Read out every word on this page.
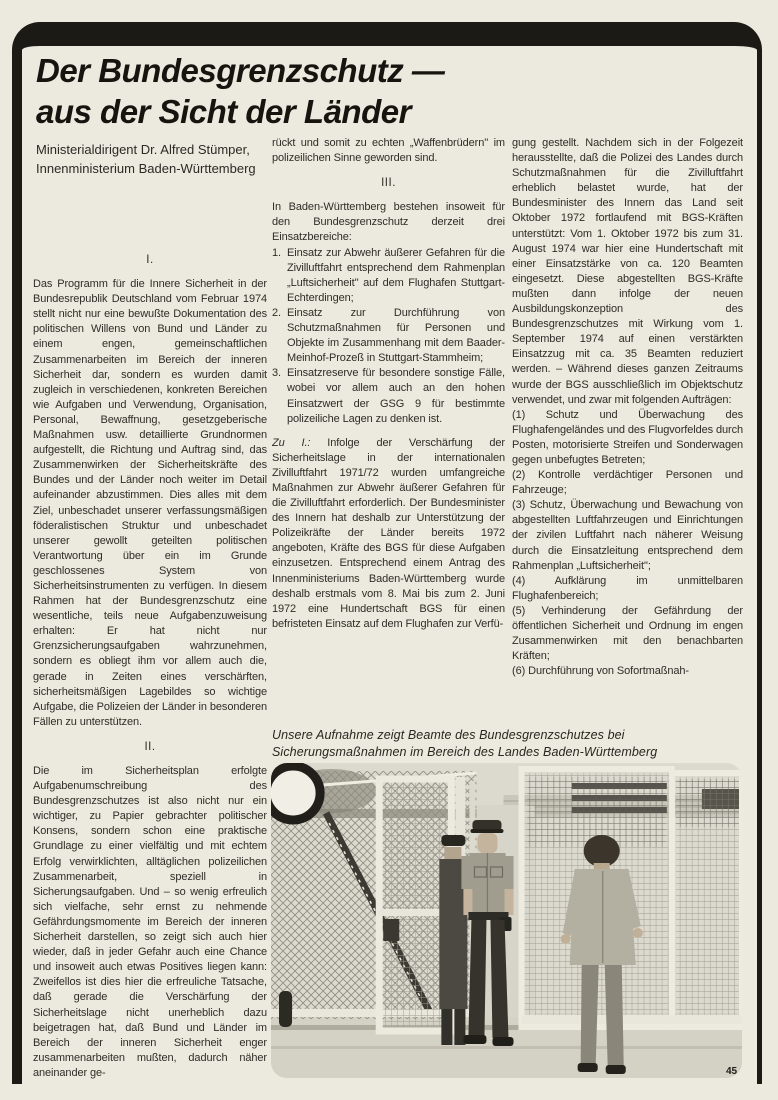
Der Bundesgrenzschutz —
aus der Sicht der Länder
Ministerialdirigent Dr. Alfred Stümper,
Innenministerium Baden-Württemberg
I.

Das Programm für die Innere Sicherheit in der Bundesrepublik Deutschland vom Februar 1974 stellt nicht nur eine bewußte Dokumentation des politischen Willens von Bund und Länder zu einem engen, gemeinschaftlichen Zusammenarbeiten im Bereich der inneren Sicherheit dar, sondern es wurden damit zugleich in verschiedenen, konkreten Bereichen wie Aufgaben und Verwendung, Organisation, Personal, Bewaffnung, gesetzgeberische Maßnahmen usw. detaillierte Grundnormen aufgestellt, die Richtung und Auftrag sind, das Zusammenwirken der Sicherheitskräfte des Bundes und der Länder noch weiter im Detail aufeinander abzustimmen. Dies alles mit dem Ziel, unbeschadet unserer verfassungsmäßigen föderalistischen Struktur und unbeschadet unserer gewollt geteilten politischen Verantwortung über ein im Grunde geschlossenes System von Sicherheitsinstrumenten zu verfügen. In diesem Rahmen hat der Bundesgrenzschutz eine wesentliche, teils neue Aufgabenzuweisung erhalten: Er hat nicht nur Grenzsicherungsaufgaben wahrzunehmen, sondern es obliegt ihm vor allem auch die, gerade in Zeiten eines verschärften, sicherheitsmäßigen Lagebildes so wichtige Aufgabe, die Polizeien der Länder in besonderen Fällen zu unterstützen.

II.

Die im Sicherheitsplan erfolgte Aufgabenumschreibung des Bundesgrenzschutzes ist also nicht nur ein wichtiger, zu Papier gebrachter politischer Konsens, sondern schon eine praktische Grundlage zu einer vielfältig und mit echtem Erfolg verwirklichten, alltäglichen polizeilichen Zusammenarbeit, speziell in Sicherungsaufgaben. Und – so wenig erfreulich sich vielfache, sehr ernst zu nehmende Gefährdungsmomente im Bereich der inneren Sicherheit darstellen, so zeigt sich auch hier wieder, daß in jeder Gefahr auch eine Chance und insoweit auch etwas Positives liegen kann: Zweifellos ist dies hier die erfreuliche Tatsache, daß gerade die Verschärfung der Sicherheitslage nicht unerheblich dazu beigetragen hat, daß Bund und Länder im Bereich der inneren Sicherheit enger zusammenarbeiten mußten, dadurch näher aneinander ge-

rückt und somit zu echten „Waffenbrüdern'' im polizeilichen Sinne geworden sind.

III.

In Baden-Württemberg bestehen insoweit für den Bundesgrenzschutz derzeit drei Einsatzbereiche:

1. Einsatz zur Abwehr äußerer Gefahren für die Zivilluftfahrt entsprechend dem Rahmenplan „Luftsicherheit'' auf dem Flughafen Stuttgart-Echterdingen;
2. Einsatz zur Durchführung von Schutzmaßnahmen für Personen und Objekte im Zusammenhang mit dem Baader-Meinhof-Prozeß in Stuttgart-Stammheim;
3. Einsatzreserve für besondere sonstige Fälle, wobei vor allem auch an den hohen Einsatzwert der GSG 9 für bestimmte polizeiliche Lagen zu denken ist.

Zu I.: Infolge der Verschärfung der Sicherheitslage in der internationalen Zivilluftfahrt 1971/72 wurden umfangreiche Maßnahmen zur Abwehr äußerer Gefahren für die Zivilluftfahrt erforderlich. Der Bundesminister des Innern hat deshalb zur Unterstützung der Polizeikräfte der Länder bereits 1972 angeboten, Kräfte des BGS für diese Aufgaben einzusetzen. Entsprechend einem Antrag des Innenministeriums Baden-Württemberg wurde deshalb erstmals vom 8. Mai bis zum 2. Juni 1972 eine Hundertschaft BGS für einen befristeten Einsatz auf dem Flughafen zur Verfü-

gung gestellt. Nachdem sich in der Folgezeit herausstellte, daß die Polizei des Landes durch Schutzmaßnahmen für die Zivilluftfahrt erheblich belastet wurde, hat der Bundesminister des Innern das Land seit Oktober 1972 fortlaufend mit BGS-Kräften unterstützt: Vom 1. Oktober 1972 bis zum 31. August 1974 war hier eine Hundertschaft mit einer Einsatzstärke von ca. 120 Beamten eingesetzt. Diese abgestellten BGS-Kräfte mußten dann infolge der neuen Ausbildungskonzeption des Bundesgrenzschutzes mit Wirkung vom 1. September 1974 auf einen verstärkten Einsatzzug mit ca. 35 Beamten reduziert werden. – Während dieses ganzen Zeitraums wurde der BGS ausschließlich im Objektschutz verwendet, und zwar mit folgenden Aufträgen:

(1) Schutz und Überwachung des Flughafengeländes und des Flugvorfeldes durch Posten, motorisierte Streifen und Sonderwagen gegen unbefugtes Betreten;

(2) Kontrolle verdächtiger Personen und Fahrzeuge;

(3) Schutz, Überwachung und Bewachung von abgestellten Luftfahrzeugen und Einrichtungen der zivilen Luftfahrt nach näherer Weisung durch die Einsatzleitung entsprechend dem Rahmenplan „Luftsicherheit'';

(4) Aufklärung im unmittelbaren Flughafenbereich;

(5) Verhinderung der Gefährdung der öffentlichen Sicherheit und Ordnung im engen Zusammenwirken mit den benachbarten Kräften;

(6) Durchführung von Sofortmaßnah-

Unsere Aufnahme zeigt Beamte des Bundesgrenzschutzes bei Sicherungsmaßnahmen im Bereich des Landes Baden-Württemberg
45
